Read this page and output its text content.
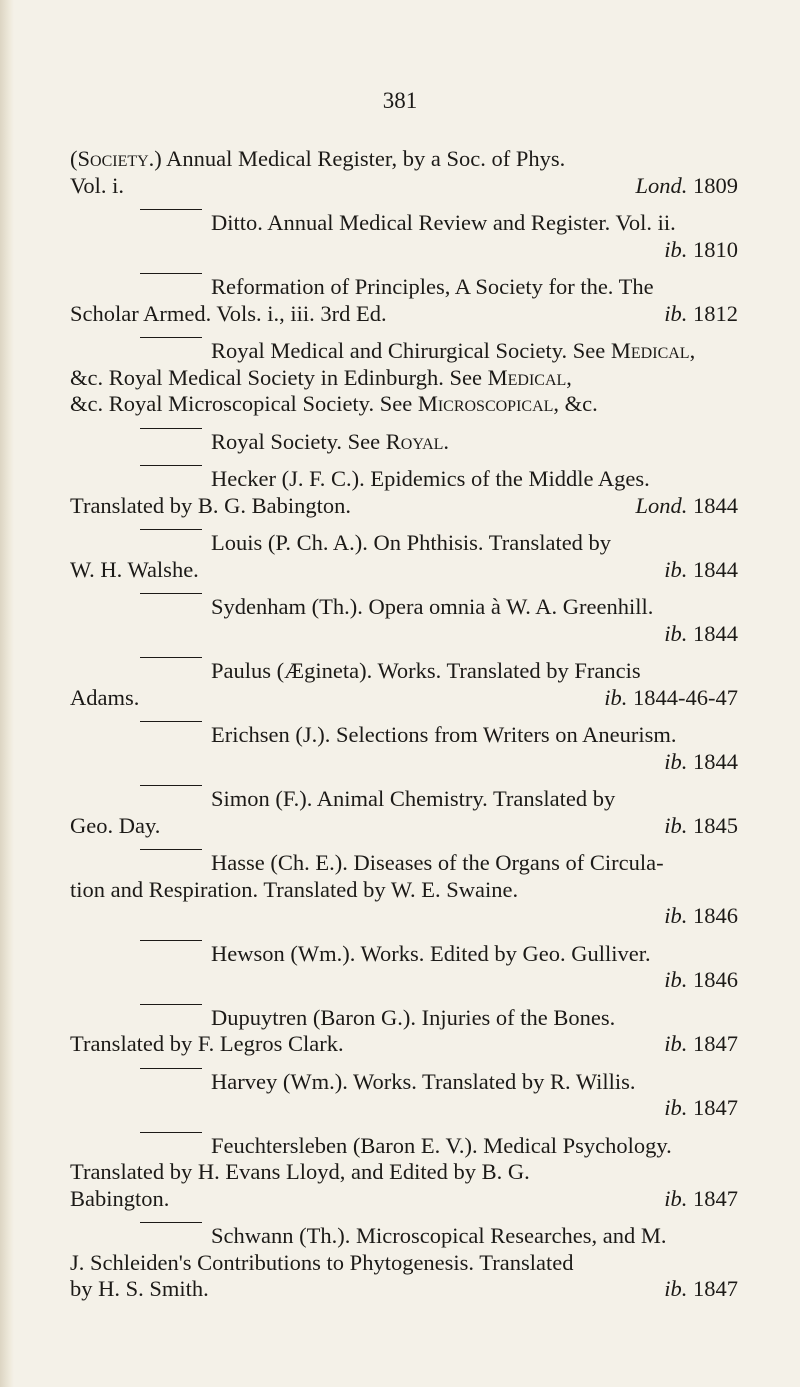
381
(Society.) Annual Medical Register, by a Soc. of Phys.
Vol. i.	Lond. 1809
Ditto. Annual Medical Review and Register. Vol. ii.
ib. 1810
Reformation of Principles, A Society for the. The
Scholar Armed. Vols. i., iii. 3rd Ed.	ib. 1812
Royal Medical and Chirurgical Society. See Medical,
&c. Royal Medical Society in Edinburgh. See Medical,
&c. Royal Microscopical Society. See Microscopical, &c.
Royal Society. See Royal.
Hecker (J. F. C.). Epidemics of the Middle Ages.
Translated by B. G. Babington.	Lond. 1844
Louis (P. Ch. A.). On Phthisis. Translated by
W. H. Walshe.	ib. 1844
Sydenham (Th.). Opera omnia à W. A. Greenhill.
ib. 1844
Paulus (Ægineta). Works. Translated by Francis
Adams.	ib. 1844-46-47
Erichsen (J.). Selections from Writers on Aneurism.
ib. 1844
Simon (F.). Animal Chemistry. Translated by
Geo. Day.	ib. 1845
Hasse (Ch. E.). Diseases of the Organs of Circula-
tion and Respiration. Translated by W. E. Swaine.
ib. 1846
Hewson (Wm.). Works. Edited by Geo. Gulliver.
ib. 1846
Dupuytren (Baron G.). Injuries of the Bones.
Translated by F. Legros Clark.	ib. 1847
Harvey (Wm.). Works. Translated by R. Willis.
ib. 1847
Feuchtersleben (Baron E. V.). Medical Psychology.
Translated by H. Evans Lloyd, and Edited by B. G.
Babington.	ib. 1847
Schwann (Th.). Microscopical Researches, and M.
J. Schleiden's Contributions to Phytogenesis. Translated
by H. S. Smith.	ib. 1847
